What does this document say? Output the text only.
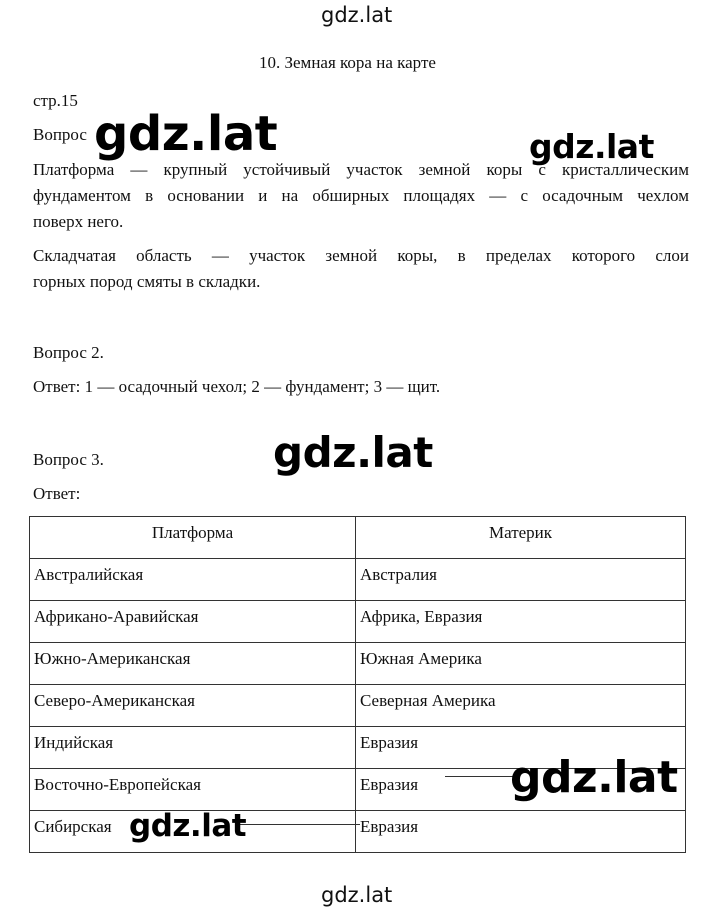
gdz.lat
10. Земная кора на карте
стр.15
Вопрос gdz.lat	gdz.lat
Платформа — крупный устойчивый участок земной коры с кристаллическим
фундаментом в основании и на обширных площадях — с осадочным чехлом
поверх него.
Складчатая область — участок земной коры, в пределах которого слои
горных пород смяты в складки.
Вопрос 2.
Ответ: 1 — осадочный чехол; 2 — фундамент; 3 — щит.
Вопрос 3.	gdz.lat
Ответ:
Платформа	Материк
Австралийская	Австралия
Африкано-Аравийская	Африка, Евразия
Южно-Американская	Южная Америка
Северо-Американская	Северная Америка
Индийская	Евразия
Восточно-Европейская	Евразия
Сибирская	Евразия
gdz.lat
gdz.lat
gdz.lat
